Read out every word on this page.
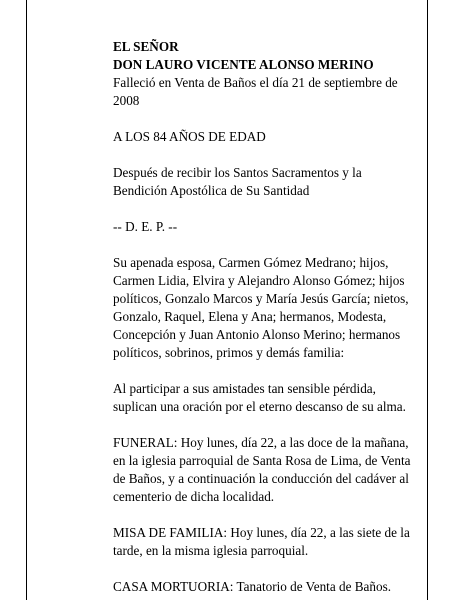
EL SEÑOR

DON LAURO VICENTE ALONSO MERINO

Falleció en Venta de Baños el día 21 de septiembre de 2008

A LOS 84 AÑOS DE EDAD

Después de recibir los Santos Sacramentos y la Bendición Apostólica de Su Santidad

-- D. E. P. --

Su apenada esposa, Carmen Gómez Medrano; hijos, Carmen Lidia, Elvira y Alejandro Alonso Gómez; hijos políticos, Gonzalo Marcos y María Jesús García; nietos, Gonzalo, Raquel, Elena y Ana; hermanos, Modesta, Concepción y Juan Antonio Alonso Merino; hermanos políticos, sobrinos, primos y demás familia:

Al participar a sus amistades tan sensible pérdida, suplican una oración por el eterno descanso de su alma.

FUNERAL: Hoy lunes, día 22, a las doce de la mañana, en la iglesia parroquial de Santa Rosa de Lima, de Venta de Baños, y a continuación la conducción del cadáver al cementerio de dicha localidad.

MISA DE FAMILIA: Hoy lunes, día 22, a las siete de la tarde, en la misma iglesia parroquial.

CASA MORTUORIA: Tanatorio de Venta de Baños.
